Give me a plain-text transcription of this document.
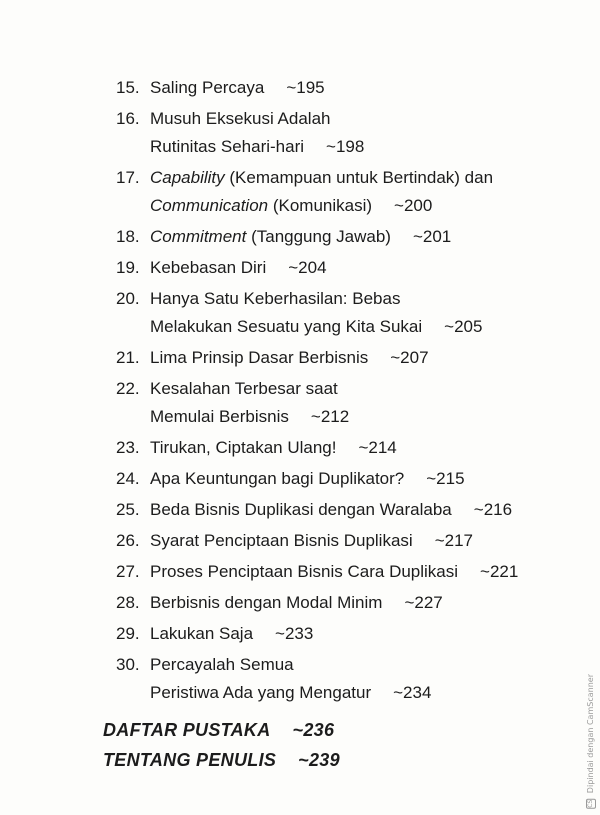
15. Saling Percaya ~195
16. Musuh Eksekusi Adalah
Rutinitas Sehari-hari ~198
17. Capability (Kemampuan untuk Bertindak) dan
Communication (Komunikasi) ~200
18. Commitment (Tanggung Jawab) ~201
19. Kebebasan Diri ~204
20. Hanya Satu Keberhasilan: Bebas
Melakukan Sesuatu yang Kita Sukai ~205
21. Lima Prinsip Dasar Berbisnis ~207
22. Kesalahan Terbesar saat
Memulai Berbisnis ~212
23. Tirukan, Ciptakan Ulang! ~214
24. Apa Keuntungan bagi Duplikator? ~215
25. Beda Bisnis Duplikasi dengan Waralaba ~216
26. Syarat Penciptaan Bisnis Duplikasi ~217
27. Proses Penciptaan Bisnis Cara Duplikasi ~221
28. Berbisnis dengan Modal Minim ~227
29. Lakukan Saja ~233
30. Percayalah Semua
Peristiwa Ada yang Mengatur ~234
DAFTAR PUSTAKA ~236
TENTANG PENULIS ~239
CS Dipindai dengan CamScanner
